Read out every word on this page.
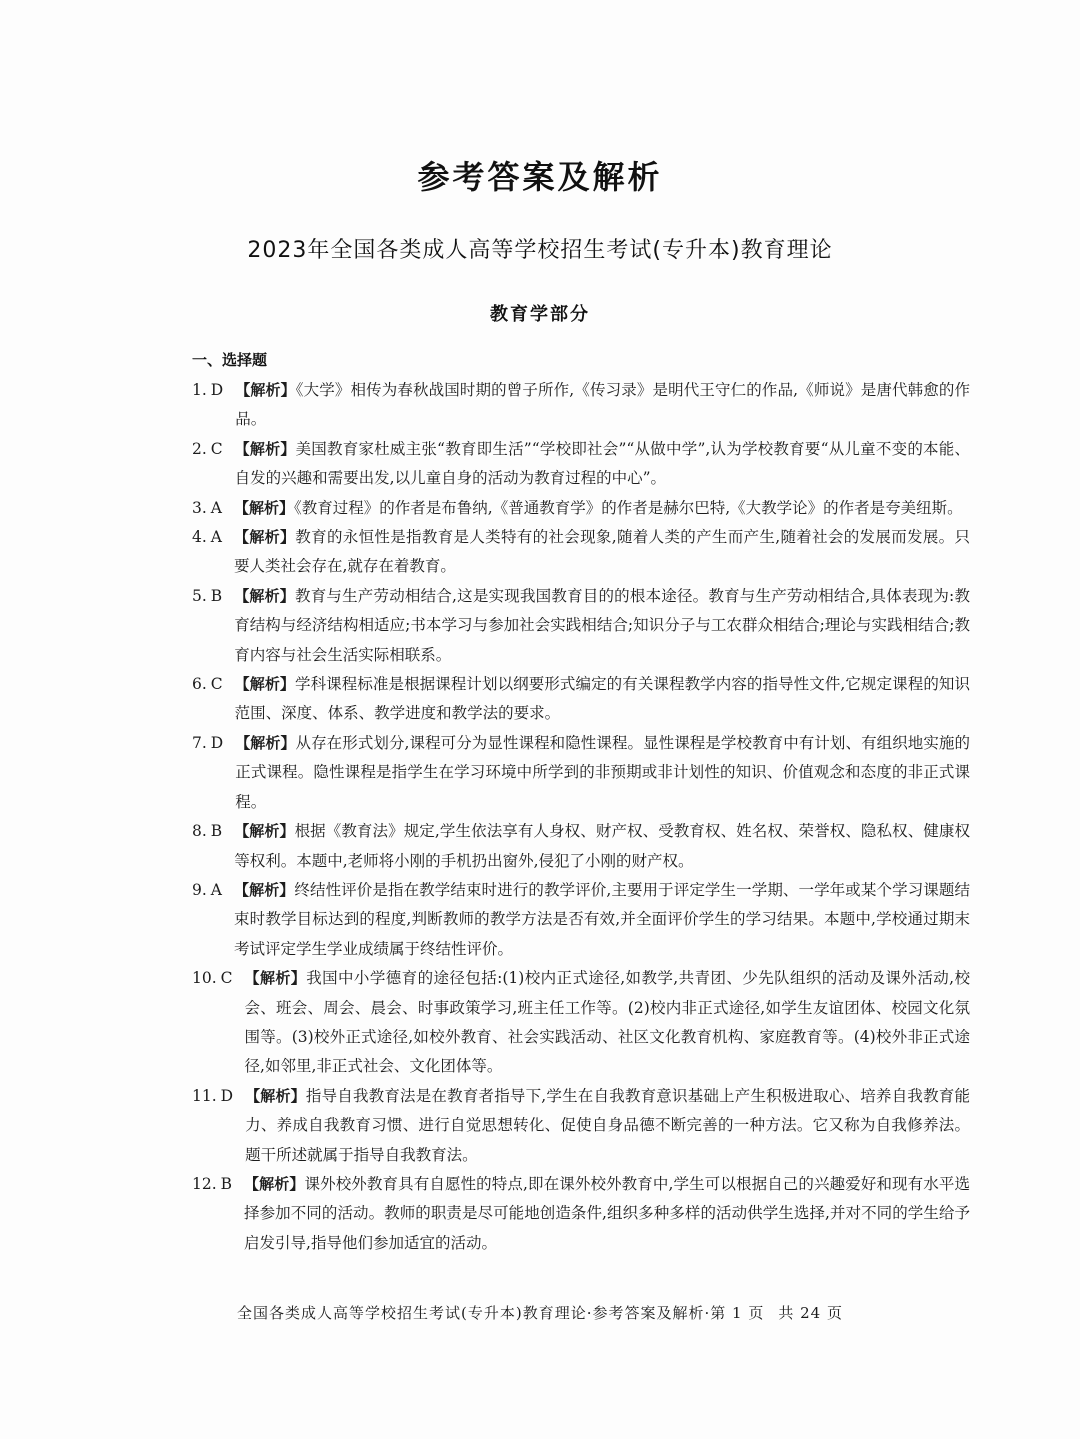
参考答案及解析
2023年全国各类成人高等学校招生考试(专升本)教育理论
教育学部分
一、选择题
1. D 【解析】《大学》相传为春秋战国时期的曾子所作,《传习录》是明代王守仁的作品,《师说》是唐代韩愈的作品。
2. C 【解析】美国教育家杜威主张“教育即生活”“学校即社会”“从做中学”,认为学校教育要“从儿童不变的本能、自发的兴趣和需要出发,以儿童自身的活动为教育过程的中心”。
3. A 【解析】《教育过程》的作者是布鲁纳,《普通教育学》的作者是赫尔巴特,《大教学论》的作者是夸美纽斯。
4. A 【解析】教育的永恒性是指教育是人类特有的社会现象,随着人类的产生而产生,随着社会的发展而发展。只要人类社会存在,就存在着教育。
5. B 【解析】教育与生产劳动相结合,这是实现我国教育目的的根本途径。教育与生产劳动相结合,具体表现为:教育结构与经济结构相适应;书本学习与参加社会实践相结合;知识分子与工农群众相结合;理论与实践相结合;教育内容与社会生活实际相联系。
6. C 【解析】学科课程标准是根据课程计划以纲要形式编定的有关课程教学内容的指导性文件,它规定课程的知识范围、深度、体系、教学进度和教学法的要求。
7. D 【解析】从存在形式划分,课程可分为显性课程和隐性课程。显性课程是学校教育中有计划、有组织地实施的正式课程。隐性课程是指学生在学习环境中所学到的非预期或非计划性的知识、价值观念和态度的非正式课程。
8. B 【解析】根据《教育法》规定,学生依法享有人身权、财产权、受教育权、姓名权、荣誉权、隐私权、健康权等权利。本题中,老师将小刚的手机扔出窗外,侵犯了小刚的财产权。
9. A 【解析】终结性评价是指在教学结束时进行的教学评价,主要用于评定学生一学期、一学年或某个学习课题结束时教学目标达到的程度,判断教师的教学方法是否有效,并全面评价学生的学习结果。本题中,学校通过期末考试评定学生学业成绩属于终结性评价。
10. C 【解析】我国中小学德育的途径包括:(1)校内正式途径,如教学,共青团、少先队组织的活动及课外活动,校会、班会、周会、晨会、时事政策学习,班主任工作等。(2)校内非正式途径,如学生友谊团体、校园文化氛围等。(3)校外正式途径,如校外教育、社会实践活动、社区文化教育机构、家庭教育等。(4)校外非正式途径,如邻里,非正式社会、文化团体等。
11. D 【解析】指导自我教育法是在教育者指导下,学生在自我教育意识基础上产生积极进取心、培养自我教育能力、养成自我教育习惯、进行自觉思想转化、促使自身品德不断完善的一种方法。它又称为自我修养法。题干所述就属于指导自我教育法。
12. B 【解析】课外校外教育具有自愿性的特点,即在课外校外教育中,学生可以根据自己的兴趣爱好和现有水平选择参加不同的活动。教师的职责是尽可能地创造条件,组织多种多样的活动供学生选择,并对不同的学生给予启发引导,指导他们参加适宜的活动。
全国各类成人高等学校招生考试(专升本)教育理论·参考答案及解析·第 1 页 共 24 页
